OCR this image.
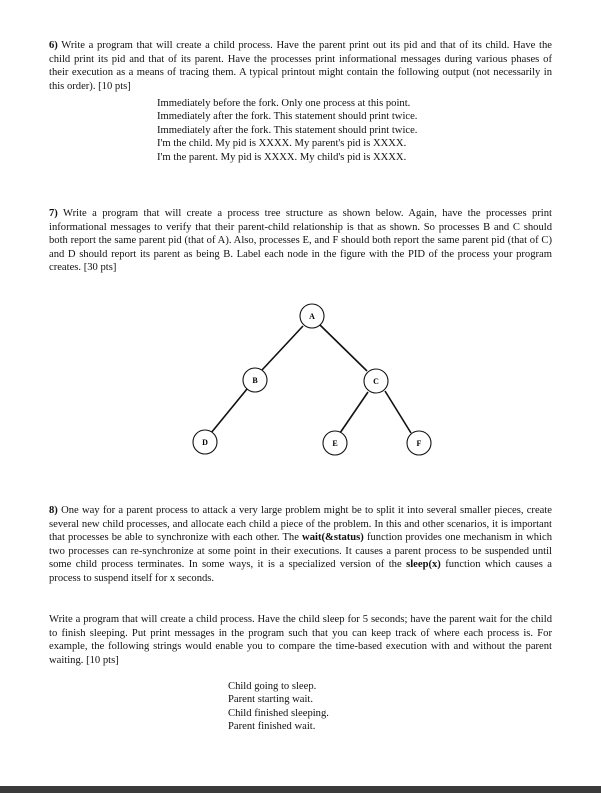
6) Write a program that will create a child process. Have the parent print out its pid and that of its child. Have the child print its pid and that of its parent. Have the processes print informational messages during various phases of their execution as a means of tracing them. A typical printout might contain the following output (not necessarily in this order). [10 pts]

Immediately before the fork. Only one process at this point.
Immediately after the fork. This statement should print twice.
Immediately after the fork. This statement should print twice.
I'm the child. My pid is XXXX. My parent's pid is XXXX.
I'm the parent. My pid is XXXX. My child's pid is XXXX.

7) Write a program that will create a process tree structure as shown below. Again, have the processes print informational messages to verify that their parent-child relationship is that as shown. So processes B and C should both report the same parent pid (that of A). Also, processes E, and F should both report the same parent pid (that of C) and D should report its parent as being B. Label each node in the figure with the PID of the process your program creates. [30 pts]

A
B	C
D	E	F

8) One way for a parent process to attack a very large problem might be to split it into several smaller pieces, create several new child processes, and allocate each child a piece of the problem. In this and other scenarios, it is important that processes be able to synchronize with each other. The wait(&status) function provides one mechanism in which two processes can re-synchronize at some point in their executions. It causes a parent process to be suspended until some child process terminates. In some ways, it is a specialized version of the sleep(x) function which causes a process to suspend itself for x seconds.

Write a program that will create a child process. Have the child sleep for 5 seconds; have the parent wait for the child to finish sleeping. Put print messages in the program such that you can keep track of where each process is. For example, the following strings would enable you to compare the time-based execution with and without the parent waiting. [10 pts]

Child going to sleep.
Parent starting wait.
Child finished sleeping.
Parent finished wait.
